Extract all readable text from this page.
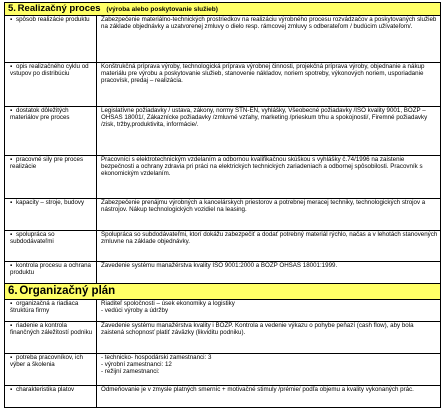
5. Realizačný proces (výroba alebo poskytovanie služieb)	
▪ spôsob realizácie produktu	Zabezpečenie materiálno-technických prostriedkov na realizáciu výrobného procesu rozvádzačov a poskytovaných služieb na základe objednávky a uzatvorenej zmluvy o dielo resp. rámcovej zmluvy s odberateľom / budúcim užívateľom/.
▪ opis realizačného cyklu od vstupov po distribúciu	Konštrukčná príprava výroby, technologická príprava výrobnej činnosti, projekčná príprava výroby, objednanie a nákup materiálu pre výrobu a poskytovanie služieb, stanovenie nákladov, noriem spotreby, výkonových noriem, usporiadanie pracovísk, predaj – realizácia.
▪ dostatok dôležitých materiálov pre proces	Legislatívne požiadavky / ustava, zákony, normy STN-EN, vyhlášky, Všeobecné požiadavky /ISO kvality 9001, BOZP – OHSAS 18001/, Zákaznícke požiadavky /zmluvné vzťahy, marketing /prieskum trhu a spokojnosti/, Firemné požiadavky /zisk, tržby,produktivita, informácie/.
▪ pracovné sily pre proces realizácie	Pracovníci s elektrotechnickým vzdelaním a odbornou kvalifikačnou skúškou s vyhlášky č.74/1996 na zaistenie bezpečnosti a ochrany zdravia pri práci na elektrických technických zariadeniach a odbornej spôsobilosti. Pracovník s ekonomickým vzdelaním.
▪ kapacity – stroje, budovy	Zabezpečenie prenájmu výrobných a kancelárskych priestorov a potrebnej meracej techniky, technologických strojov a nástrojov. Nákup technologických vozidiel na leasing.
▪ spolupráca so subdodávateľmi	Spolupráca so subdodávateľmi, ktorí dokážu zabezpečiť a dodať potrebný materiál rýchlo, načas a v lehotách stanovených zmluvne na základe objednávky.
▪ kontrola procesu a ochrana produktu	Zavedenie systému manažérstva kvality ISO 9001:2000 a BOZP OHSAS 18001:1999.
6. Organizačný plán	
▪ organizačná a riadiaca štruktúra firmy	Riaditeľ spoločnosti – úsek ekonomiky a logistiky
- vedúci výroby a údržby
▪ riadenie a kontrola finančných záležitostí podniku	Zavedenie systému manažérstva kvality i BOZP. Kontrola a vedenie výkazu o pohybe peňazí (cash flow), aby bola zaistená schopnosť platiť záväzky (likviditu podniku).
▪ potreba pracovníkov, ich výber a školenia	- technicko- hospodárski zamestnanci: 3
- výrobní zamestnanci: 12
- režijní zamestnanci:
▪ charakteristika platov	Odmeňovanie je v zmysle platných smerníc + motivačné stimuly /prémie/ podľa objemu a kvality vykonaných prác.
